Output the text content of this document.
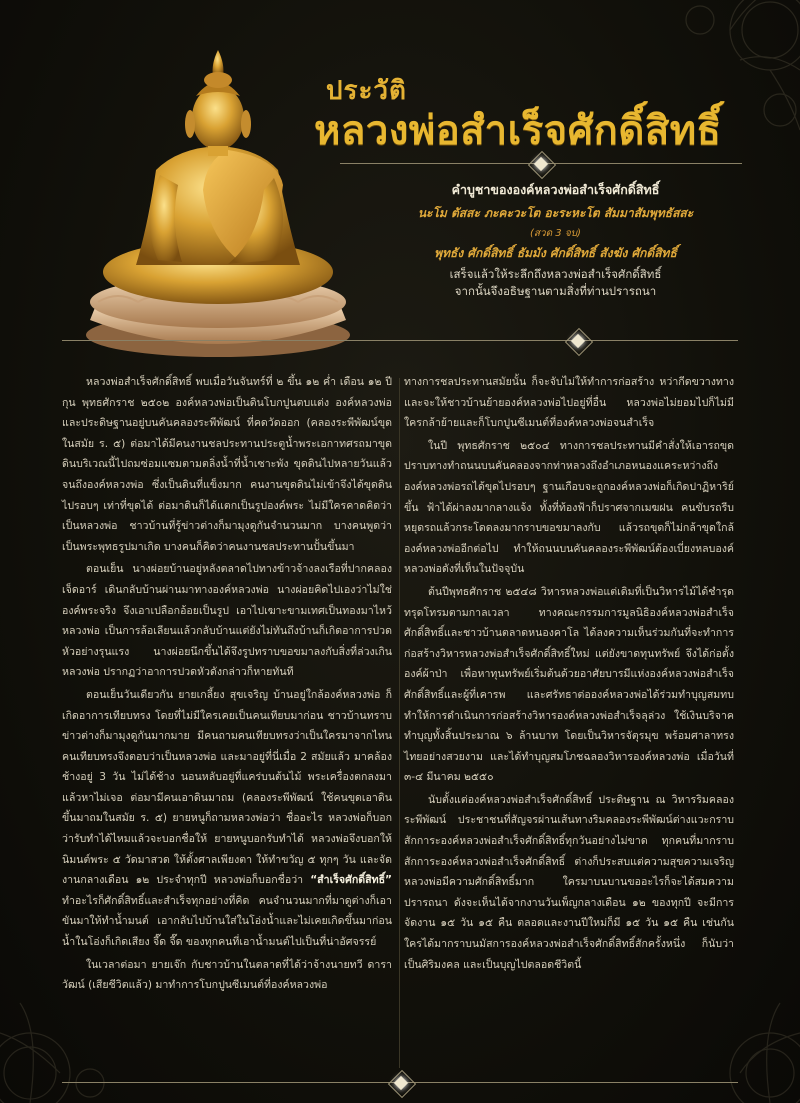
ประวัติ
หลวงพ่อสำเร็จศักดิ์สิทธิ์
คำบูชาขององค์หลวงพ่อสำเร็จศักดิ์สิทธิ์
นะโม ตัสสะ ภะคะวะโต อะระหะโต สัมมาสัมพุทธัสสะ
(สวด 3 จบ)
พุทธัง ศักดิ์สิทธิ์ ธัมมัง ศักดิ์สิทธิ์ สังฆัง ศักดิ์สิทธิ์
เสร็จแล้วให้ระลึกถึงหลวงพ่อสำเร็จศักดิ์สิทธิ์
จากนั้นจึงอธิษฐานตามสิ่งที่ท่านปรารถนา

หลวงพ่อสำเร็จศักดิ์สิทธิ์ พบเมื่อวันจันทร์ที่ ๒ ขึ้น ๑๒ ค่ำ เดือน ๑๒ ปีกุน พุทธศักราช ๒๕๐๒ องค์หลวงพ่อเป็นดินโบกปูนตบแต่ง องค์หลวงพ่อ และประดิษฐานอยู่บนคันคลองระพีพัฒน์ ที่คดวัดออก (คลองระพีพัฒน์ขุดในสมัย ร. ๕) ต่อมาได้มีคนงานชลประทานประตูน้ำพระเอกาทศรถมาขุดดินบริเวณนี้ไปถมซ่อมแซมตามตลิ่งน้ำที่น้ำเซาะพัง ขุดดินไปหลายวันแล้วจนถึงองค์หลวงพ่อ ซึ่งเป็นดินที่แข็งมาก คนงานขุดดินไม่เข้าจึงได้ขุดดินไปรอบๆ เท่าที่ขุดได้ ต่อมาดินก็ได้แตกเป็นรูปองค์พระ ไม่มีใครคาดคิดว่าเป็นหลวงพ่อ ชาวบ้านที่รู้ข่าวต่างก็มามุงดูกันจำนวนมาก บางคนพูดว่าเป็นพระพุทธรูปมาเกิด บางคนก็คิดว่าคนงานชลประทานปั้นขึ้นมา

ตอนเย็น นางผ่อยบ้านอยู่หลังตลาดไปทางข้าวจ้างลงเรือที่ปากคลองเจ็ดอาร์ เดินกลับบ้านผ่านมาทางองค์หลวงพ่อ นางผ่อยคิดไปเองว่าไม่ใช่องค์พระจริง จึงเอาเปลือกอ้อยเป็นรูป เอาไปเฆาะขามเทศเป็นทองมาไหว้หลวงพ่อ เป็นการล้อเลียนแล้วกลับบ้านแต่ยังไม่ทันถึงบ้านก็เกิดอาการปวดหัวอย่างรุนแรง นางผ่อยนึกขึ้นได้จึงรูปทราบขอขมาลงกับสิ่งที่ล่วงเกินหลวงพ่อ ปรากฏว่าอาการปวดหัวดังกล่าวก็หายทันที

ตอนเย็นวันเดียวกัน ยายเกลี้ยง สุขเจริญ บ้านอยู่ใกล้องค์หลวงพ่อ ก็เกิดอาการเทียบทรง โดยที่ไม่มีใครเคยเป็นคนเทียบมาก่อน ชาวบ้านทราบข่าวต่างก็มามุงดูกันมากมาย มีคนถามคนเทียบทรงว่าเป็นใครมาจากไหน คนเทียบทรงจึงตอบว่าเป็นหลวงพ่อ และมาอยู่ที่นี่เมื่อ 2 สมัยแล้ว มาคล้องช้างอยู่ 3 วัน ไม่ได้ช้าง นอนหลับอยู่ที่แคร่บนต้นไม้ พระเครื่องตกลงมาแล้วหาไม่เจอ ต่อมามีคนเอาดินมาถม (คลองระพีพัฒน์ ใช้คนขุดเอาดินขึ้นมาถมในสมัย ร. ๕) ยายหนูก็ถามหลวงพ่อว่า ชื่ออะไร หลวงพ่อก็บอกว่ารับทำได้ไหมแล้วจะบอกชื่อให้ ยายหนูบอกรับทำได้ หลวงพ่อจึงบอกให้นิมนต์พระ ๕ วัดมาสวด ให้ตั้งศาลเพียงตา ให้ทำขวัญ ๕ ทุกๆ วัน และจัดงานกลางเดือน ๑๒ ประจำทุกปี หลวงพ่อก็บอกชื่อว่า “สำเร็จศักดิ์สิทธิ์” ทำอะไรก็ศักดิ์สิทธิ์และสำเร็จทุกอย่างที่คิด คนจำนวนมากที่มาดูต่างก็เอาขันมาให้ทำน้ำมนต์ เอากลับไปบ้านใส่ในโอ่งน้ำและไม่เคยเกิดขึ้นมาก่อน น้ำในโอ่งก็เกิดเสียง จี๊ด จี๊ด ของทุกคนที่เอาน้ำมนต์ไปเป็นที่น่าอัศจรรย์

ในเวลาต่อมา ยายเจ๊ก กับชาวบ้านในตลาดที่ได้ว่าจ้างนายทวี ดาราวัฒน์ (เสียชีวิตแล้ว) มาทำการโบกปูนซีเมนต์ที่องค์หลวงพ่อ

ทางการชลประทานสมัยนั้น ก็จะจับไม่ให้ทำการก่อสร้าง หว่ากีดขวางทาง และจะให้ชาวบ้านย้ายองค์หลวงพ่อไปอยู่ที่อื่น หลวงพ่อไม่ยอมไปก็ไม่มีใครกล้าย้ายและก็โบกปูนซีเมนต์ที่องค์หลวงพ่อจนสำเร็จ

ในปี พุทธศักราช ๒๕๐๔ ทางการชลประทานมีคำสั่งให้เอารถขุดปราบทางทำถนนบนคันคลองจากท่าหลวงถึงอำเภอหนองแคระหว่างถึงองค์หลวงพ่อรถได้ขุดไปรอบๆ ฐานเกือบจะถูกองค์หลวงพ่อก็เกิดปาฏิหาริย์ขึ้น ฟ้าได้ผ่าลงมากลางแจ้ง ทั้งที่ท้องฟ้าก็ปราศจากเมฆฝน คนขับรถรีบหยุดรถแล้วกระโดดลงมากราบขอขมาลงกับ แล้วรถขุดก็ไม่กล้าขุดใกล้องค์หลวงพ่ออีกต่อไป ทำให้ถนนบนคันคลองระพีพัฒน์ต้องเบี่ยงหลบองค์หลวงพ่อดังที่เห็นในปัจจุบัน

ต้นปีพุทธศักราช ๒๕๔๘ วิหารหลวงพ่อแต่เดิมที่เป็นวิหารไม้ได้ชำรุดทรุดโทรมตามกาลเวลา ทางคณะกรรมการมูลนิธิองค์หลวงพ่อสำเร็จศักดิ์สิทธิ์และชาวบ้านตลาดหนองคาโล ได้ลงความเห็นร่วมกันที่จะทำการก่อสร้างวิหารหลวงพ่อสำเร็จศักดิ์สิทธิ์ใหม่ แต่ยังขาดทุนทรัพย์ จึงได้ก่อตั้งองค์ผ้าป่า เพื่อหาทุนทรัพย์เริ่มต้นด้วยอาศัยบารมีแห่งองค์หลวงพ่อสำเร็จศักดิ์สิทธิ์และผู้ที่เคารพ และศรัทธาต่อองค์หลวงพ่อได้ร่วมทำบุญสมทบ ทำให้การดำเนินการก่อสร้างวิหารองค์หลวงพ่อสำเร็จลุล่วง ใช้เงินบริจาคทำบุญทั้งสิ้นประมาณ ๖ ล้านบาท โดยเป็นวิหารจัตุรมุข พร้อมศาลาทรงไทยอย่างสวยงาม และได้ทำบุญสมโภชฉลองวิหารองค์หลวงพ่อ เมื่อวันที่ ๓-๔ มีนาคม ๒๕๕๐

นับตั้งแต่องค์หลวงพ่อสำเร็จศักดิ์สิทธิ์ ประดิษฐาน ณ วิหารริมคลองระพีพัฒน์ ประชาชนที่สัญจรผ่านเส้นทางริมคลองระพีพัฒน์ต่างแวะกราบสักการะองค์หลวงพ่อสำเร็จศักดิ์สิทธิ์ทุกวันอย่างไม่ขาด ทุกคนที่มากราบสักการะองค์หลวงพ่อสำเร็จศักดิ์สิทธิ์ ต่างก็ประสบแต่ความสุขความเจริญ หลวงพ่อมีความศักดิ์สิทธิ์มาก ใครมาบนบานขออะไรก็จะได้สมความปรารถนา ดังจะเห็นได้จากงานวันเพ็ญกลางเดือน ๑๒ ของทุกปี จะมีการจัดงาน ๑๕ วัน ๑๕ คืน ตลอดและงานปีใหม่ก็มี ๑๕ วัน ๑๕ คืน เช่นกัน ใครได้มากราบนมัสการองค์หลวงพ่อสำเร็จศักดิ์สิทธิ์สักครั้งหนึ่ง ก็นับว่าเป็นศิริมงคล และเป็นบุญไปตลอดชีวิตนี้
